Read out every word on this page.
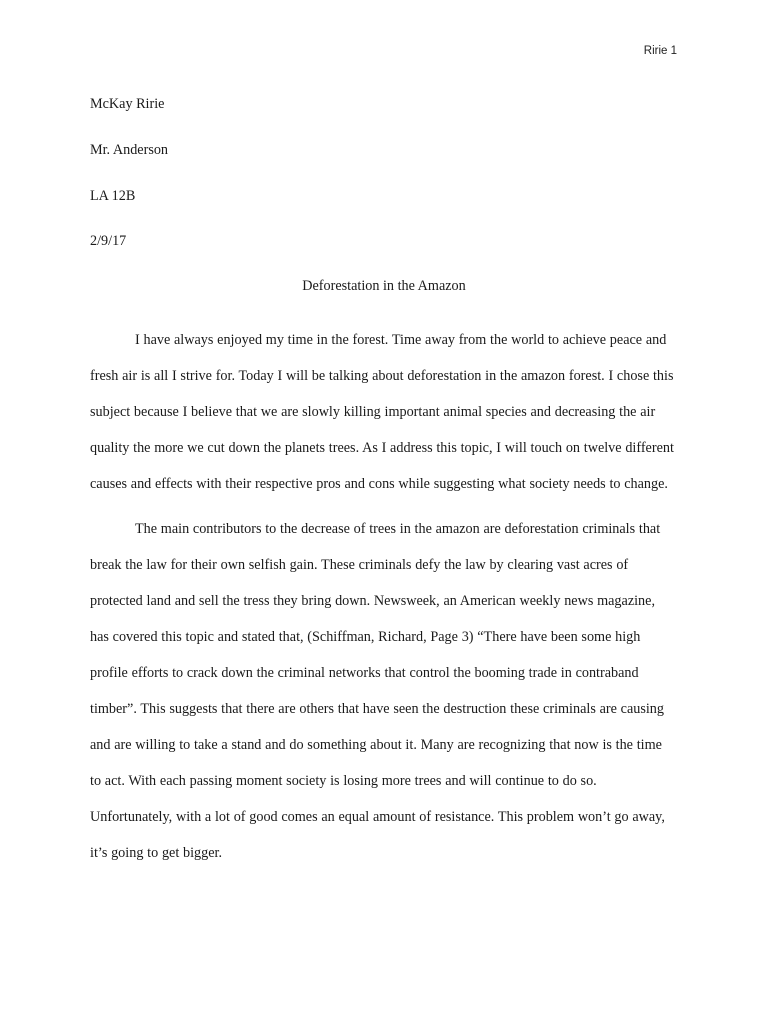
Ririe 1
McKay Ririe
Mr. Anderson
LA 12B
2/9/17
Deforestation in the Amazon

I have always enjoyed my time in the forest. Time away from the world to achieve peace and fresh air is all I strive for. Today I will be talking about deforestation in the amazon forest. I chose this subject because I believe that we are slowly killing important animal species and decreasing the air quality the more we cut down the planets trees. As I address this topic, I will touch on twelve different causes and effects with their respective pros and cons while suggesting what society needs to change.

The main contributors to the decrease of trees in the amazon are deforestation criminals that break the law for their own selfish gain. These criminals defy the law by clearing vast acres of protected land and sell the tress they bring down. Newsweek, an American weekly news magazine, has covered this topic and stated that, (Schiffman, Richard, Page 3) “There have been some high profile efforts to crack down the criminal networks that control the booming trade in contraband timber”. This suggests that there are others that have seen the destruction these criminals are causing and are willing to take a stand and do something about it. Many are recognizing that now is the time to act. With each passing moment society is losing more trees and will continue to do so. Unfortunately, with a lot of good comes an equal amount of resistance. This problem won’t go away, it’s going to get bigger.
